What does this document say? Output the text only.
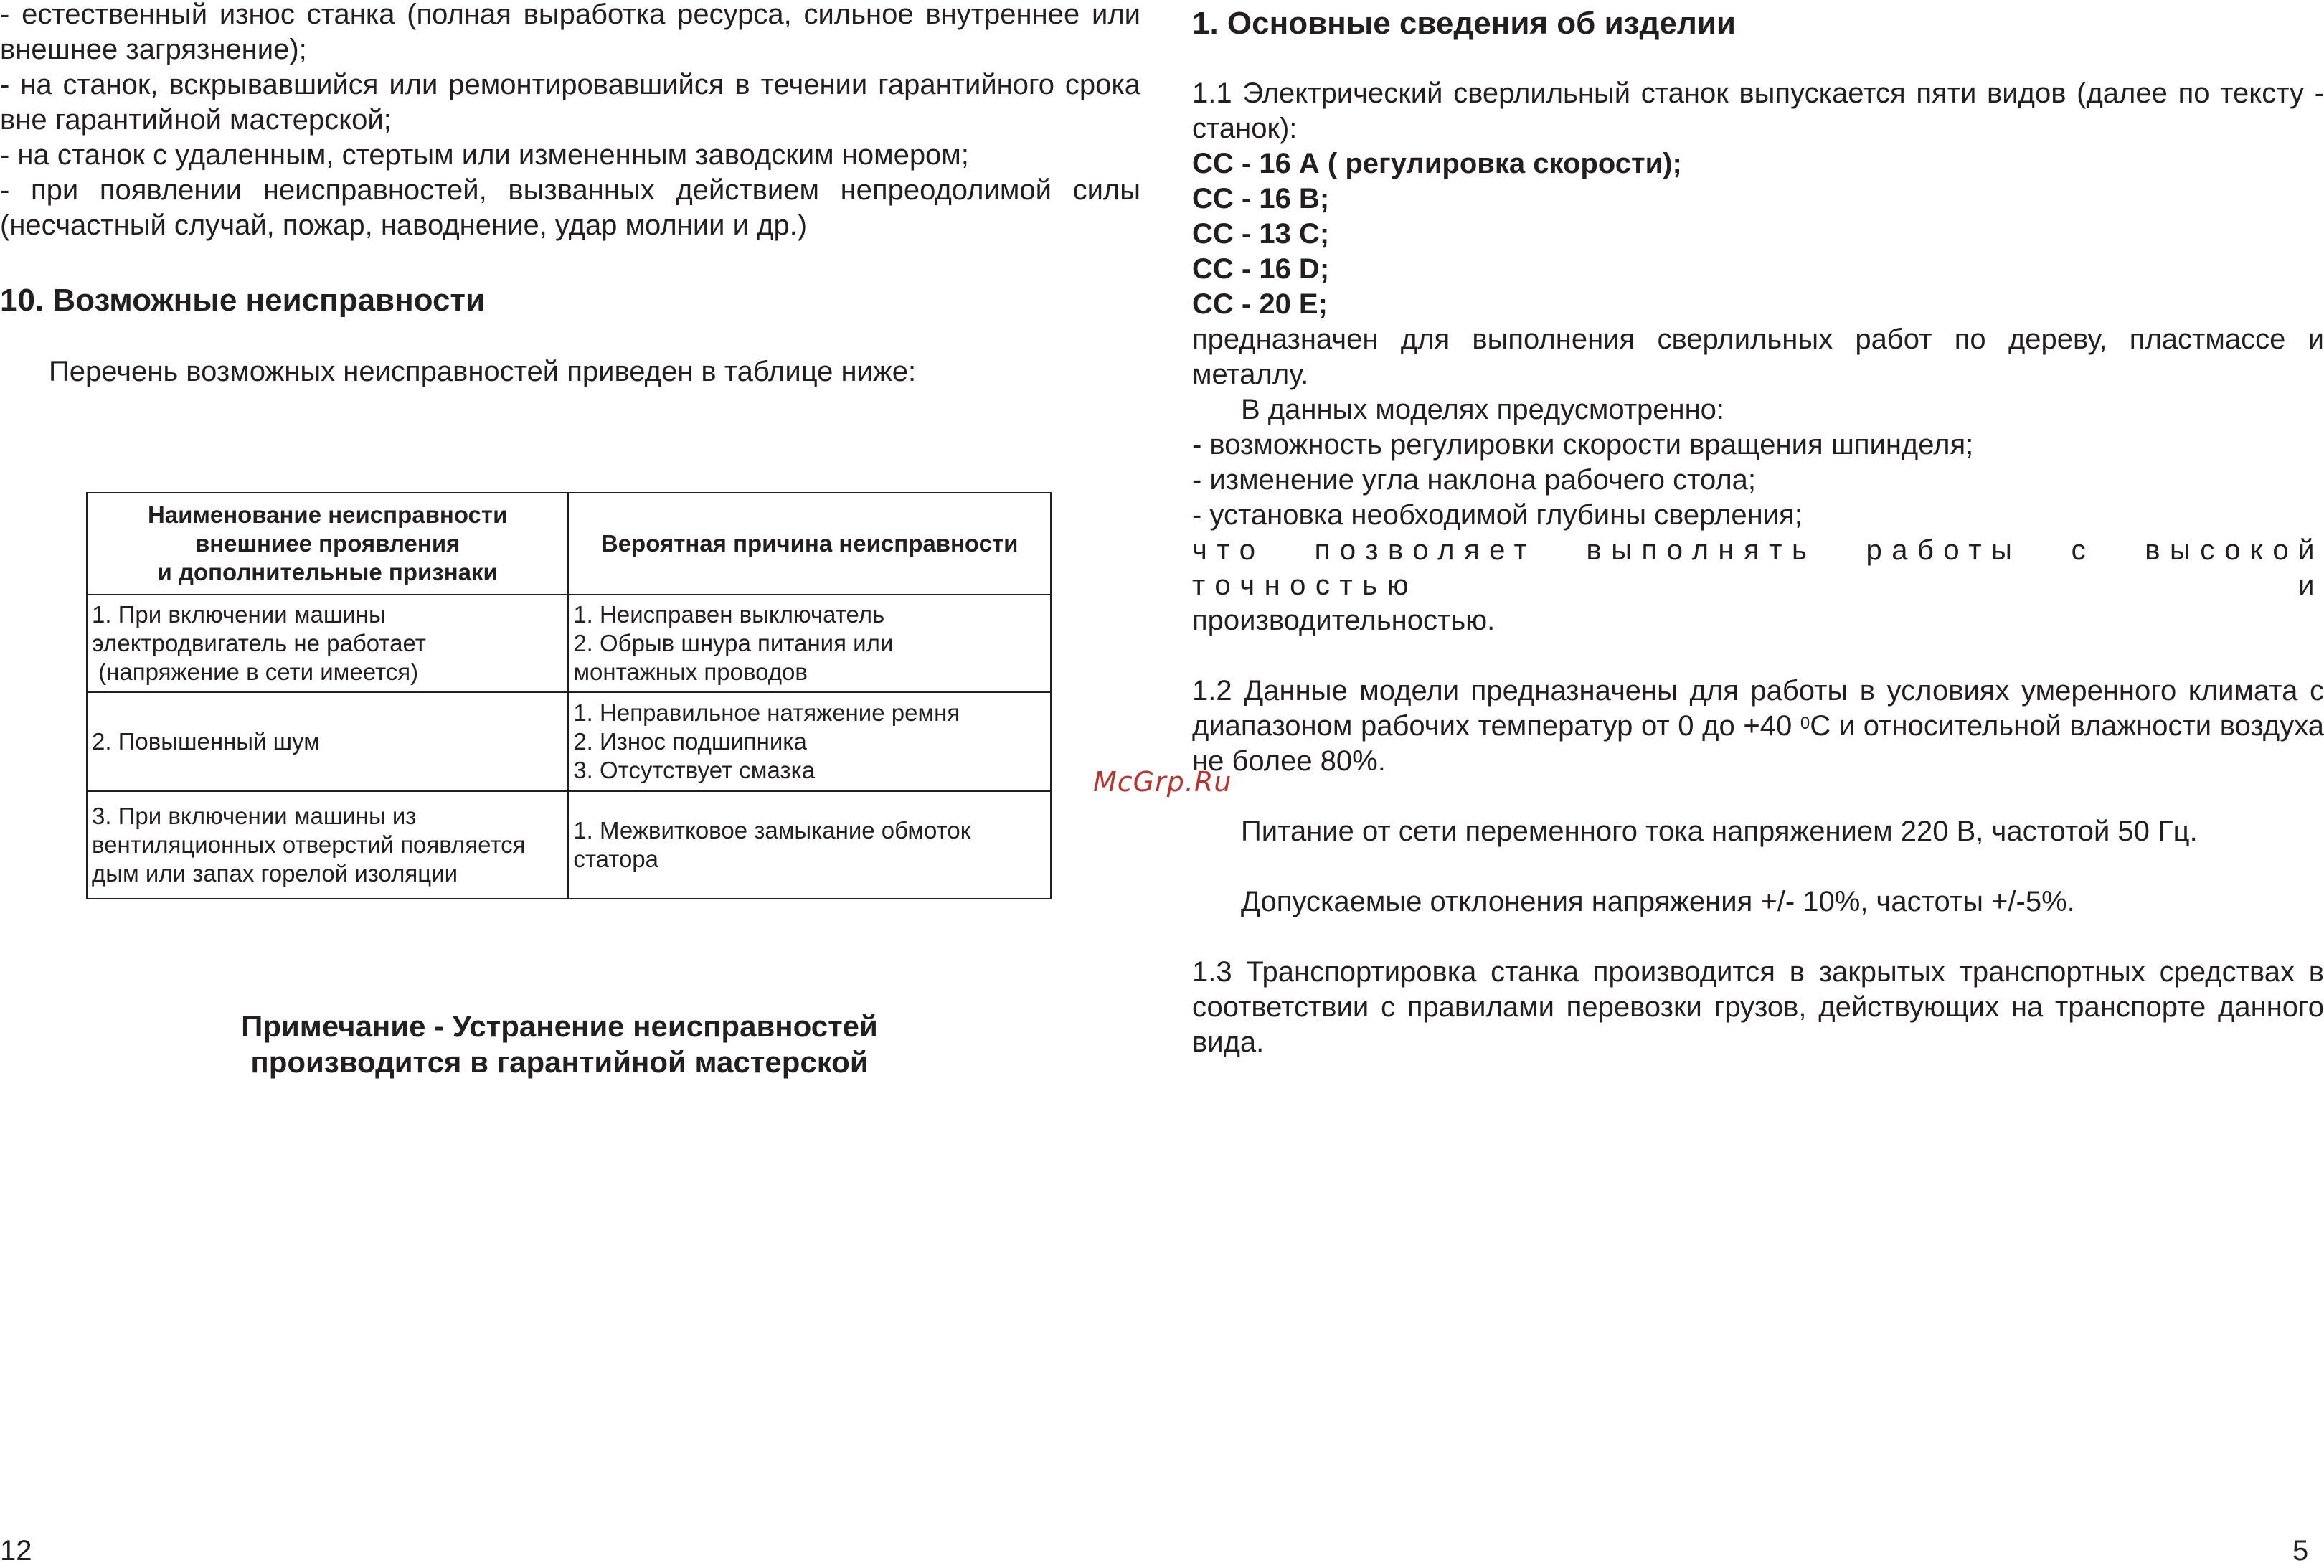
- естественный износ станка (полная выработка ресурса, сильное внутреннее или внешнее загрязнение);

- на станок, вскрывавшийся или ремонтировавшийся в течении гарантийного срока вне гарантийной мастерской;

- на станок с удаленным, стертым или измененным заводским номером;

- при появлении неисправностей, вызванных действием непреодолимой силы (несчастный случай, пожар, наводнение, удар молнии и др.)

10. Возможные неисправности

Перечень возможных неисправностей приведен в таблице ниже:

Наименование неисправности
внешниее проявления
и дополнительные признаки	Вероятная причина неисправности
1. При включении машины
электродвигатель не работает
(напряжение в сети имеется)	1. Неисправен выключатель
2. Обрыв шнура питания или
монтажных проводов
2. Повышенный шум	1. Неправильное натяжение ремня
2. Износ подшипника
3. Отсутствует смазка
3. При включении машины из
вентиляционных отверстий появляется
дым или запах горелой изоляции	1. Межвитковое замыкание обмоток
статора
Примечание - Устранение неисправностей
производится в гарантийной мастерской
12
1. Основные сведения об изделии

1.1 Электрический сверлильный станок выпускается пяти видов (далее по тексту - станок):

СС - 16 А ( регулировка скорости);

СС - 16 В;

СС - 13 С;

СС - 16 D;

СС - 20 Е;

предназначен для выполнения сверлильных работ по дереву, пластмассе и металлу.

В данных моделях предусмотренно:

- возможность регулировки скорости вращения шпинделя;

- изменение угла наклона рабочего стола;

- установка необходимой глубины сверления;

что позволяет выполнять работы с высокой точностью и

производительностью.

1.2 Данные модели предназначены для работы в условиях умеренного климата с диапазоном рабочих температур от 0 до +40 $^0$С и относительной влажности воздуха не более 80%.

Питание от сети переменного тока напряжением 220 В, частотой 50 Гц.

Допускаемые отклонения напряжения +/- 10%, частоты +/-5%.

1.3 Транспортировка станка производится в закрытых транспортных средствах в соответствии с правилами перевозки грузов, действующих на транспорте данного вида.

McGrp.Ru
5
